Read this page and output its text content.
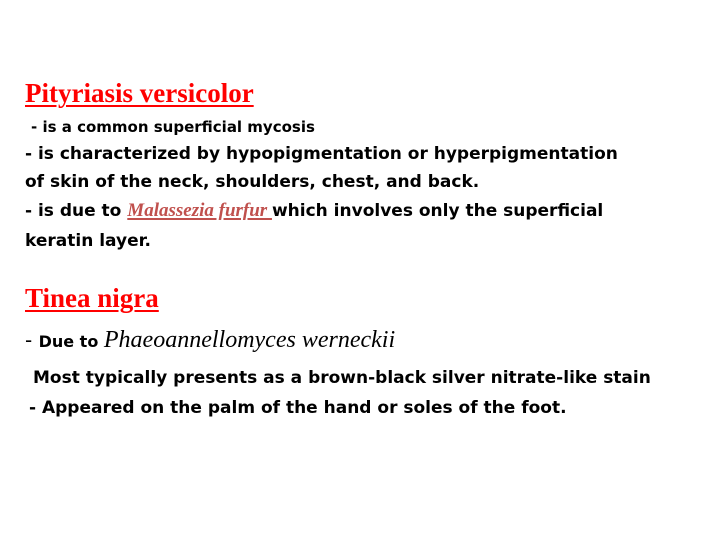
Pityriasis versicolor

- is a common superficial mycosis

- is characterized by hypopigmentation or hyperpigmentation

of skin of the neck, shoulders, chest, and back.

- is due to Malassezia furfur which involves only the superficial

keratin layer.

Tinea nigra

- Due to Phaeoannellomyces werneckii

Most typically presents as a brown-black silver nitrate-like stain

- Appeared on the palm of the hand or soles of the foot.
